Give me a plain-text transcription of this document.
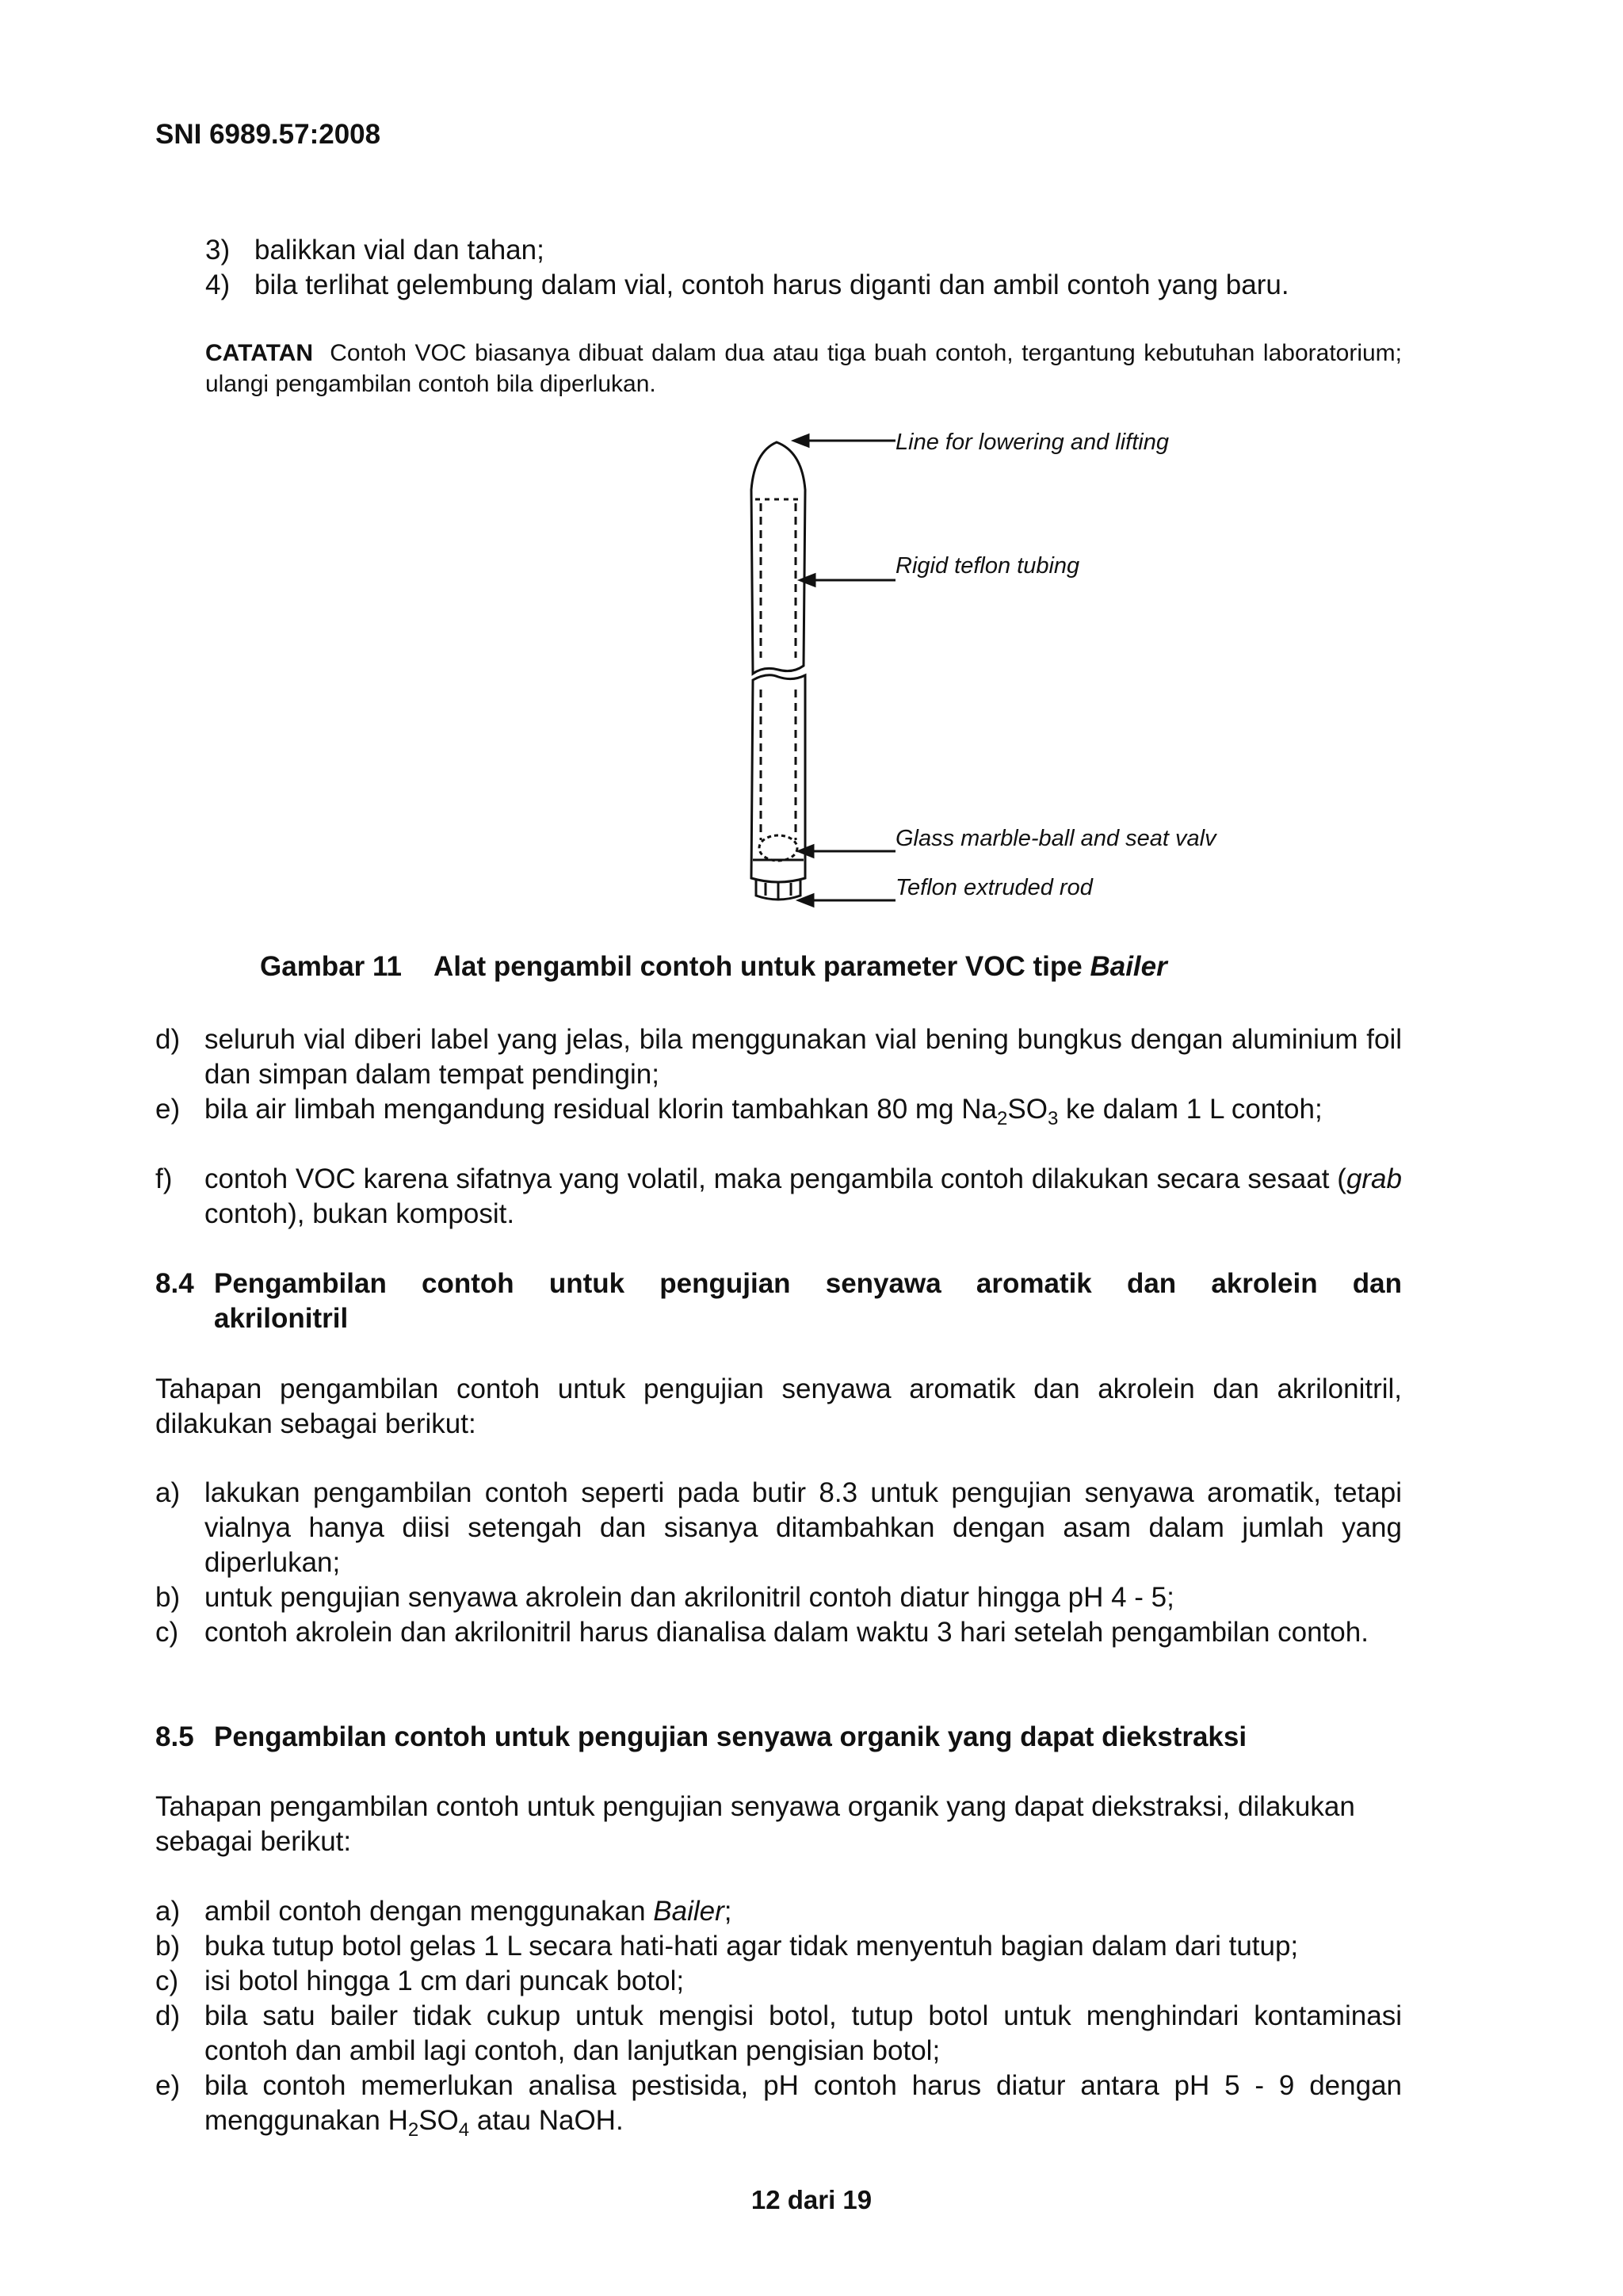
SNI 6989.57:2008
3) balikkan vial dan tahan;
4) bila terlihat gelembung dalam vial, contoh harus diganti dan ambil contoh yang baru.
CATATAN Contoh VOC biasanya dibuat dalam dua atau tiga buah contoh, tergantung kebutuhan laboratorium; ulangi pengambilan contoh bila diperlukan.
Line for lowering and lifting
Rigid teflon tubing
Glass marble-ball and seat valv
Teflon extruded rod
Gambar 11 Alat pengambil contoh untuk parameter VOC tipe Bailer
d) seluruh vial diberi label yang jelas, bila menggunakan vial bening bungkus dengan aluminium foil dan simpan dalam tempat pendingin;
e) bila air limbah mengandung residual klorin tambahkan 80 mg $Na_2SO_3$ ke dalam 1 L contoh;
f) contoh VOC karena sifatnya yang volatil, maka pengambila contoh dilakukan secara sesaat (grab contoh), bukan komposit.
8.4 Pengambilan contoh untuk pengujian senyawa aromatik dan akrolein dan
akrilonitril
Tahapan pengambilan contoh untuk pengujian senyawa aromatik dan akrolein dan akrilonitril, dilakukan sebagai berikut:
a) lakukan pengambilan contoh seperti pada butir 8.3 untuk pengujian senyawa aromatik, tetapi vialnya hanya diisi setengah dan sisanya ditambahkan dengan asam dalam jumlah yang diperlukan;
b) untuk pengujian senyawa akrolein dan akrilonitril contoh diatur hingga pH 4 - 5;
c) contoh akrolein dan akrilonitril harus dianalisa dalam waktu 3 hari setelah pengambilan contoh.
8.5 Pengambilan contoh untuk pengujian senyawa organik yang dapat diekstraksi
Tahapan pengambilan contoh untuk pengujian senyawa organik yang dapat diekstraksi, dilakukan sebagai berikut:
a) ambil contoh dengan menggunakan Bailer;
b) buka tutup botol gelas 1 L secara hati-hati agar tidak menyentuh bagian dalam dari tutup;
c) isi botol hingga 1 cm dari puncak botol;
d) bila satu bailer tidak cukup untuk mengisi botol, tutup botol untuk menghindari kontaminasi contoh dan ambil lagi contoh, dan lanjutkan pengisian botol;
e) bila contoh memerlukan analisa pestisida, pH contoh harus diatur antara pH 5 - 9 dengan menggunakan $H_2SO_4$ atau NaOH.
12 dari 19
